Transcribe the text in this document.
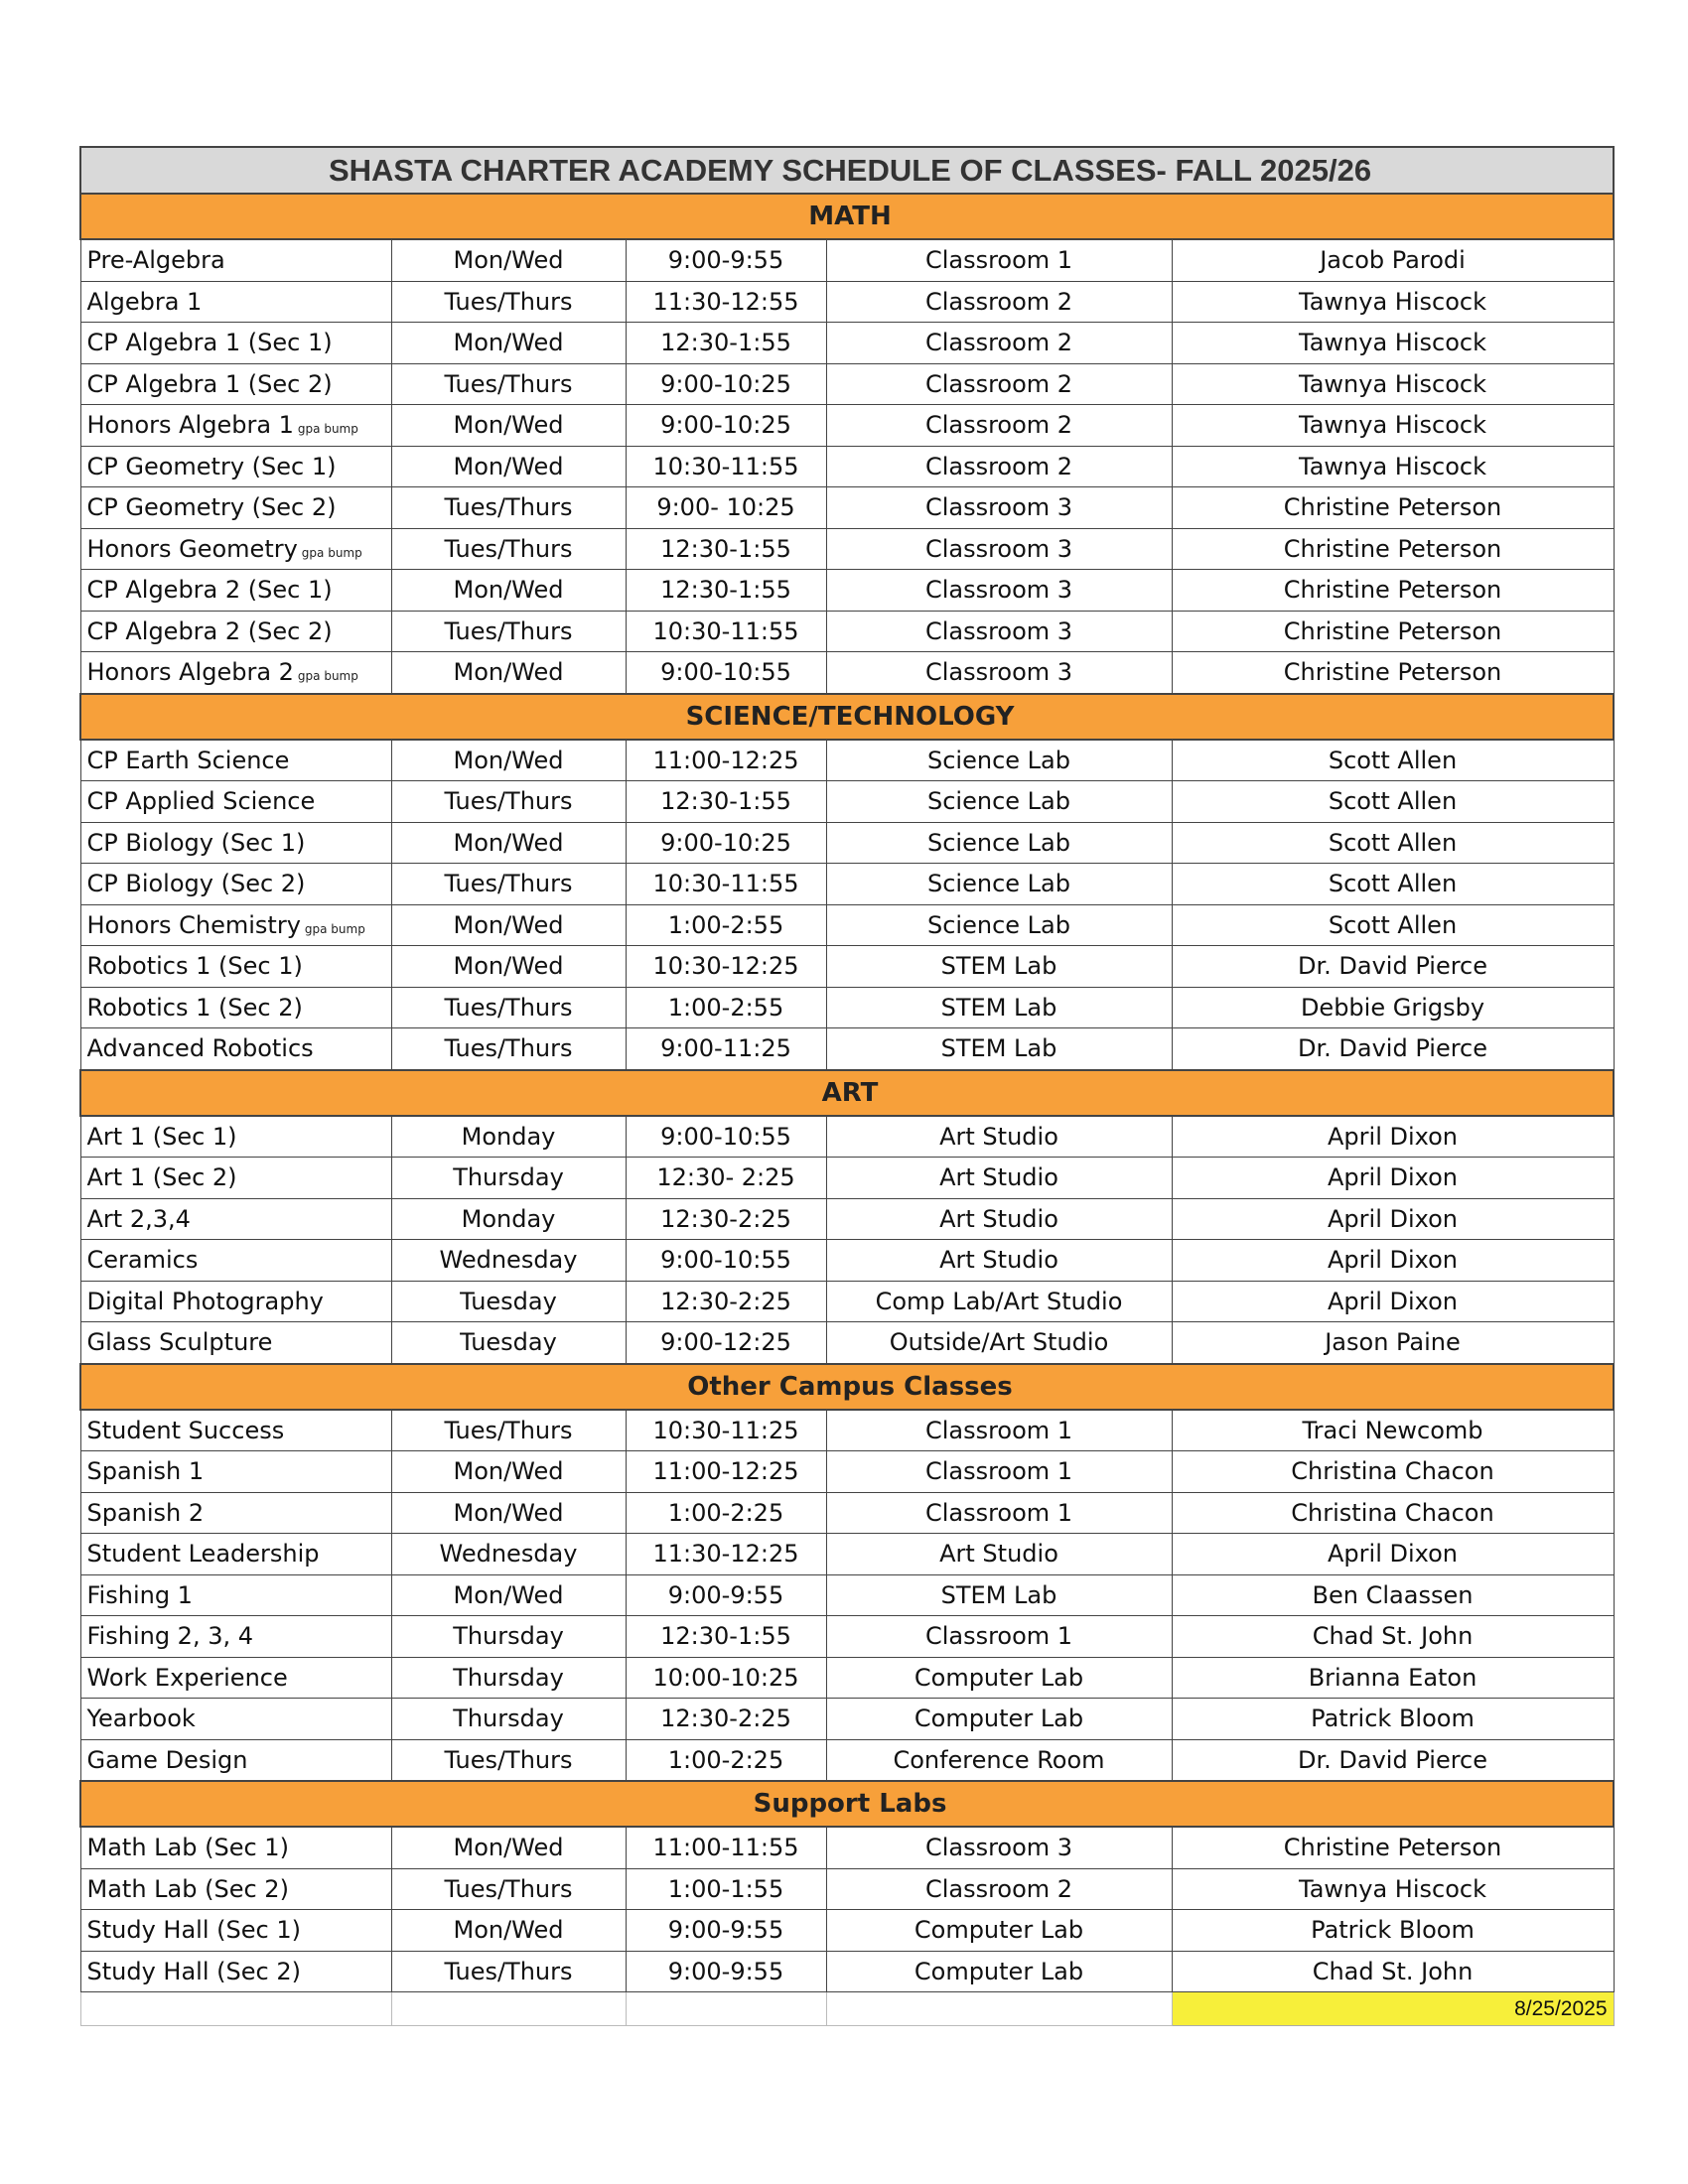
SHASTA CHARTER ACADEMY SCHEDULE OF CLASSES- FALL 2025/26				
MATH				
Pre-Algebra	Mon/Wed	9:00-9:55	Classroom 1	Jacob Parodi
Algebra 1	Tues/Thurs	11:30-12:55	Classroom 2	Tawnya Hiscock
CP Algebra 1 (Sec 1)	Mon/Wed	12:30-1:55	Classroom 2	Tawnya Hiscock
CP Algebra 1 (Sec 2)	Tues/Thurs	9:00-10:25	Classroom 2	Tawnya Hiscock
Honors Algebra 1 gpa bump	Mon/Wed	9:00-10:25	Classroom 2	Tawnya Hiscock
CP Geometry (Sec 1)	Mon/Wed	10:30-11:55	Classroom 2	Tawnya Hiscock
CP Geometry (Sec 2)	Tues/Thurs	9:00- 10:25	Classroom 3	Christine Peterson
Honors Geometry gpa bump	Tues/Thurs	12:30-1:55	Classroom 3	Christine Peterson
CP Algebra 2 (Sec 1)	Mon/Wed	12:30-1:55	Classroom 3	Christine Peterson
CP Algebra 2 (Sec 2)	Tues/Thurs	10:30-11:55	Classroom 3	Christine Peterson
Honors Algebra 2 gpa bump	Mon/Wed	9:00-10:55	Classroom 3	Christine Peterson
SCIENCE/TECHNOLOGY				
CP Earth Science	Mon/Wed	11:00-12:25	Science Lab	Scott Allen
CP Applied Science	Tues/Thurs	12:30-1:55	Science Lab	Scott Allen
CP Biology (Sec 1)	Mon/Wed	9:00-10:25	Science Lab	Scott Allen
CP Biology (Sec 2)	Tues/Thurs	10:30-11:55	Science Lab	Scott Allen
Honors Chemistry gpa bump	Mon/Wed	1:00-2:55	Science Lab	Scott Allen
Robotics 1 (Sec 1)	Mon/Wed	10:30-12:25	STEM Lab	Dr. David Pierce
Robotics 1 (Sec 2)	Tues/Thurs	1:00-2:55	STEM Lab	Debbie Grigsby
Advanced Robotics	Tues/Thurs	9:00-11:25	STEM Lab	Dr. David Pierce
ART				
Art 1 (Sec 1)	Monday	9:00-10:55	Art Studio	April Dixon
Art 1 (Sec 2)	Thursday	12:30- 2:25	Art Studio	April Dixon
Art 2,3,4	Monday	12:30-2:25	Art Studio	April Dixon
Ceramics	Wednesday	9:00-10:55	Art Studio	April Dixon
Digital Photography	Tuesday	12:30-2:25	Comp Lab/Art Studio	April Dixon
Glass Sculpture	Tuesday	9:00-12:25	Outside/Art Studio	Jason Paine
Other Campus Classes				
Student Success	Tues/Thurs	10:30-11:25	Classroom 1	Traci Newcomb
Spanish 1	Mon/Wed	11:00-12:25	Classroom 1	Christina Chacon
Spanish 2	Mon/Wed	1:00-2:25	Classroom 1	Christina Chacon
Student Leadership	Wednesday	11:30-12:25	Art Studio	April Dixon
Fishing 1	Mon/Wed	9:00-9:55	STEM Lab	Ben Claassen
Fishing 2, 3, 4	Thursday	12:30-1:55	Classroom 1	Chad St. John
Work Experience	Thursday	10:00-10:25	Computer Lab	Brianna Eaton
Yearbook	Thursday	12:30-2:25	Computer Lab	Patrick Bloom
Game Design	Tues/Thurs	1:00-2:25	Conference Room	Dr. David Pierce
Support Labs				
Math Lab (Sec 1)	Mon/Wed	11:00-11:55	Classroom 3	Christine Peterson
Math Lab (Sec 2)	Tues/Thurs	1:00-1:55	Classroom 2	Tawnya Hiscock
Study Hall (Sec 1)	Mon/Wed	9:00-9:55	Computer Lab	Patrick Bloom
Study Hall (Sec 2)	Tues/Thurs	9:00-9:55	Computer Lab	Chad St. John
				8/25/2025
